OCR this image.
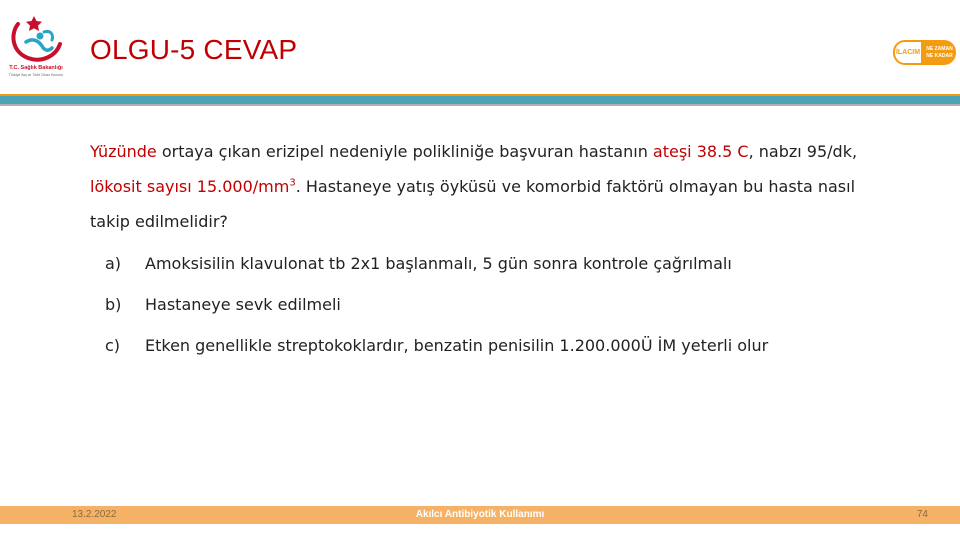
T.C. Sağlık Bakanlığı
Türkiye İlaç ve Tıbbi Cihaz Kurumu
OLGU-5 CEVAP	İLACIM
NE ZAMAN
NE KADAR
Yüzünde ortaya çıkan erizipel nedeniyle polikliniğe başvuran hastanın ateşi 38.5 C, nabzı 95/dk,
lökosit sayısı $15.000/mm^3$. Hastaneye yatış öyküsü ve komorbid faktörü olmayan bu hasta nasıl
takip edilmelidir?
a) Amoksisilin klavulonat tb 2x1 başlanmalı, 5 gün sonra kontrole çağrılmalı
b) Hastaneye sevk edilmeli
c) Etken genellikle streptokoklardır, benzatin penisilin 1.200.000Ü İM yeterli olur
13.2.2022	Akılcı Antibiyotik Kullanımı	74
